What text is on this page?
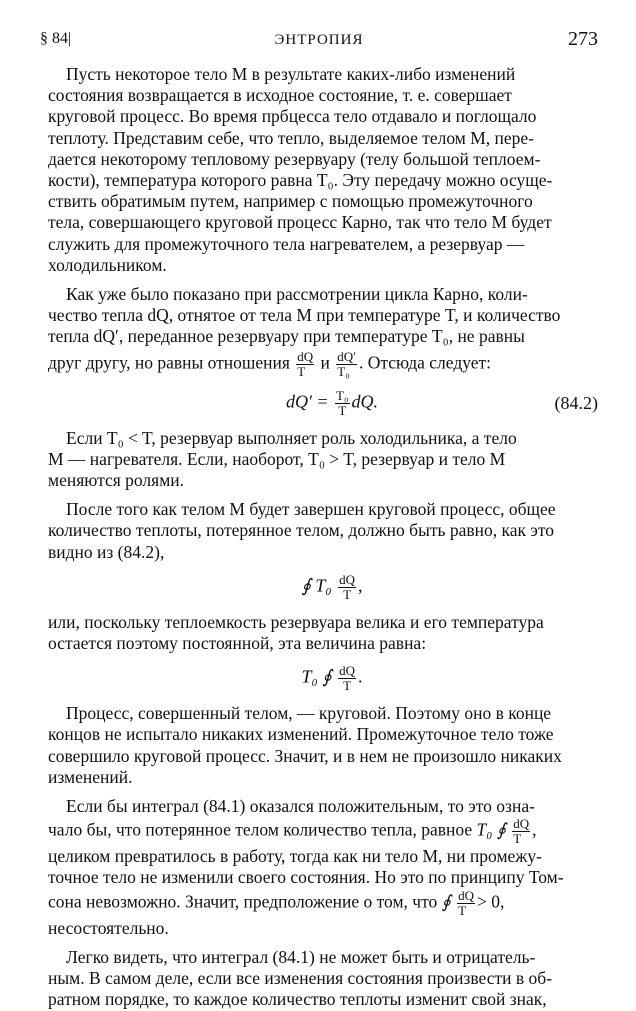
§ 84|	ЭНТРОПИЯ	273
Пусть некоторое тело M в результате каких-либо изменений
состояния возвращается в исходное состояние, т. е. совершает
круговой процесс. Во время прбцесса тело отдавало и поглощало
теплоту. Представим себе, что тепло, выделяемое телом M, пере-
дается некоторому тепловому резервуару (телу большой теплоем-
кости), температура которого равна T₀. Эту передачу можно осуще-
ствить обратимым путем, например с помощью промежуточного
тела, совершающего круговой процесс Карно, так что тело M будет
служить для промежуточного тела нагревателем, а резервуар —
холодильником.
Как уже было показано при рассмотрении цикла Карно, коли-
чество тепла dQ, отнятое от тела M при температуре T, и количество
тепла dQ′, переданное резервуару при температуре T₀, не равны
друг другу, но равны отношения $\frac{dQ}{T}$ и $\frac{dQ'}{\text{T₀}}$ . Отсюда следует:
$dQ' = \frac{\text{T₀}}{T}$ dQ.	(84.2)
Если T₀ < T, резервуар выполняет роль холодильника, а тело
M — нагревателя. Если, наоборот, T₀ > T, резервуар и тело M
меняются ролями.
После того как телом M будет завершен круговой процесс, общее
количество теплоты, потерянное телом, должно быть равно, как это
видно из (84.2),
∮ $T_0 \frac{dQ}{T}$ ,
или, поскольку теплоемкость резервуара велика и его температура
остается поэтому постоянной, эта величина равна:
T₀ ∮ $\frac{dQ}{T}$ .
Процесс, совершенный телом, — круговой. Поэтому оно в конце
концов не испытало никаких изменений. Промежуточное тело тоже
совершило круговой процесс. Значит, и в нем не произошло никаких
изменений.
Если бы интеграл (84.1) оказался положительным, то это озна-
чало бы, что потерянное телом количество тепла, равное T₀ ∮ $\frac{dQ}{T}$ ,
целиком превратилось в работу, тогда как ни тело M, ни промежу-
точное тело не изменили своего состояния. Но это по принципу Том-
сона невозможно. Значит, предположение о том, что ∮ $\frac{dQ}{T} > 0$,
несостоятельно.
Легко видеть, что интеграл (84.1) не может быть и отрицатель-
ным. В самом деле, если все изменения состояния произвести в об-
ратном порядке, то каждое количество теплоты изменит свой знак,
